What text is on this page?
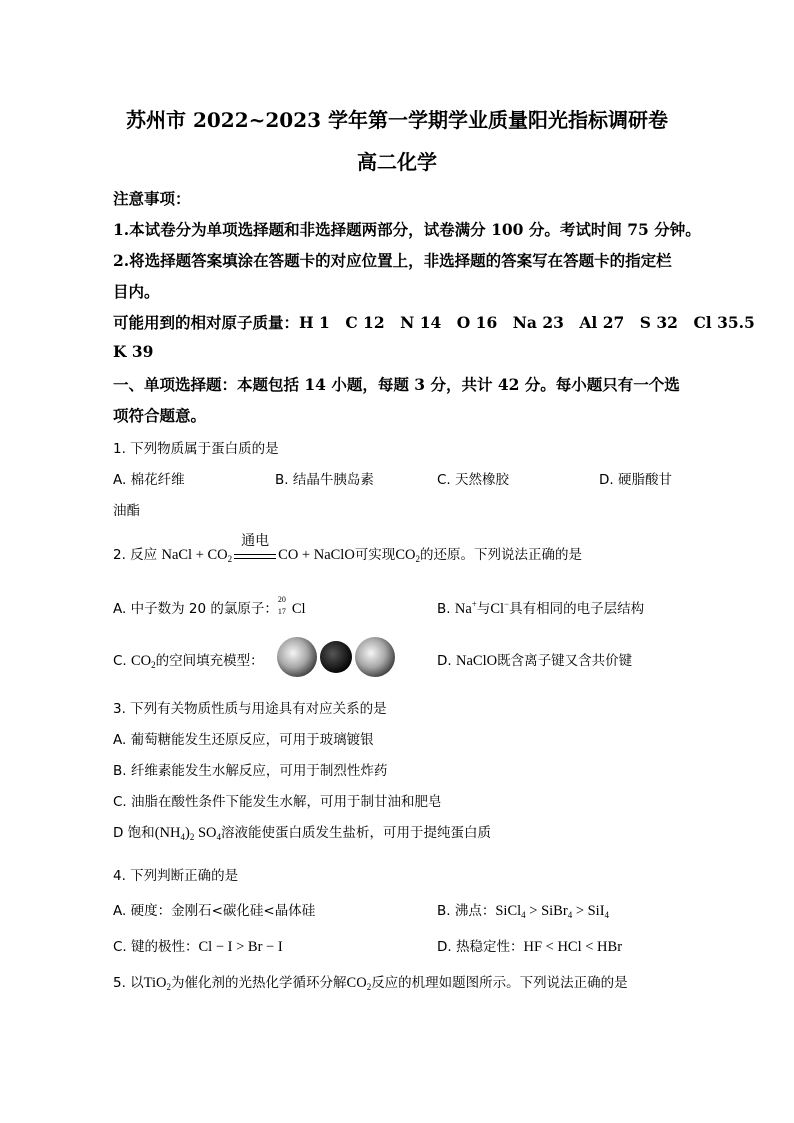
苏州市 2022~2023 学年第一学期学业质量阳光指标调研卷
高二化学
注意事项：
1.本试卷分为单项选择题和非选择题两部分，试卷满分 100 分。考试时间 75 分钟。
2.将选择题答案填涂在答题卡的对应位置上，非选择题的答案写在答题卡的指定栏
目内。
可能用到的相对原子质量：H 1　C 12　N 14　O 16　Na 23　Al 27　S 32　Cl 35.5
K 39
一、单项选择题：本题包括 14 小题，每题 3 分，共计 42 分。每小题只有一个选
项符合题意。
1. 下列物质属于蛋白质的是
A. 棉花纤维	B. 结晶牛胰岛素	C. 天然橡胶	D. 硬脂酸甘
油酯
2. 反应 NaCl + $CO_2$
通电
CO + NaClO可实现$CO_2$的还原。下列说法正确的是
A. 中子数为 20 的氯原子：
20
17 Cl	B. Na+与Cl−具有相同的电子层结构
C. $CO_2$的空间填充模型：	D. NaClO既含离子键又含共价键
3. 下列有关物质性质与用途具有对应关系的是
A. 葡萄糖能发生还原反应，可用于玻璃镀银
B. 纤维素能发生水解反应，可用于制烈性炸药
C. 油脂在酸性条件下能发生水解，可用于制甘油和肥皂
D 饱和$(NH_4)_2$ $SO_4$溶液能使蛋白质发生盐析，可用于提纯蛋白质
4. 下列判断正确的是
A. 硬度：金刚石<碳化硅<晶体硅	B. 沸点：SiCl$_4$ > SiBr$_4$ > SiI$_4$
C. 键的极性：Cl − I > Br − I	D. 热稳定性：HF < HCl < HBr
5. 以TiO$_2$为催化剂的光热化学循环分解$CO_2$反应的机理如题图所示。下列说法正确的是
